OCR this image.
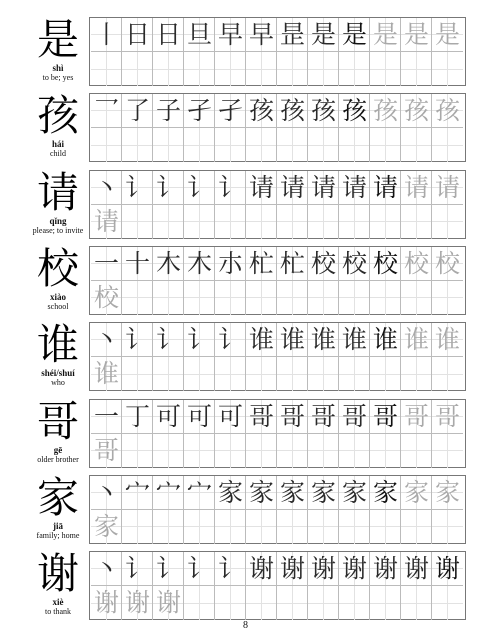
是
shì
to be; yes
丨 日 日 旦 早 早 昰 是 是 是 是 是
孩
hái
child
乛 了 子 孑 孑 孩 孩 孩 孩 孩 孩 孩
请
qǐng
please; to invite
丶 讠 讠 讠 讠 请 请 请 请 请 请 请
请
校
xiào
school
一 十 木 木 朩 杧 杧 校 校 校 校 校
校
谁
shéi/shuí
who
丶 讠 讠 讠 讠 谁 谁 谁 谁 谁 谁 谁
谁
哥
gē
older brother
一 丁 可 可 可 哥 哥 哥 哥 哥 哥 哥
哥
家
jiā
family; home
丶 宀 宀 宀 家 家 家 家 家 家 家 家
家
谢
xiè
to thank
丶 讠 讠 讠 讠 谢 谢 谢 谢 谢 谢 谢
谢 谢 谢
8
